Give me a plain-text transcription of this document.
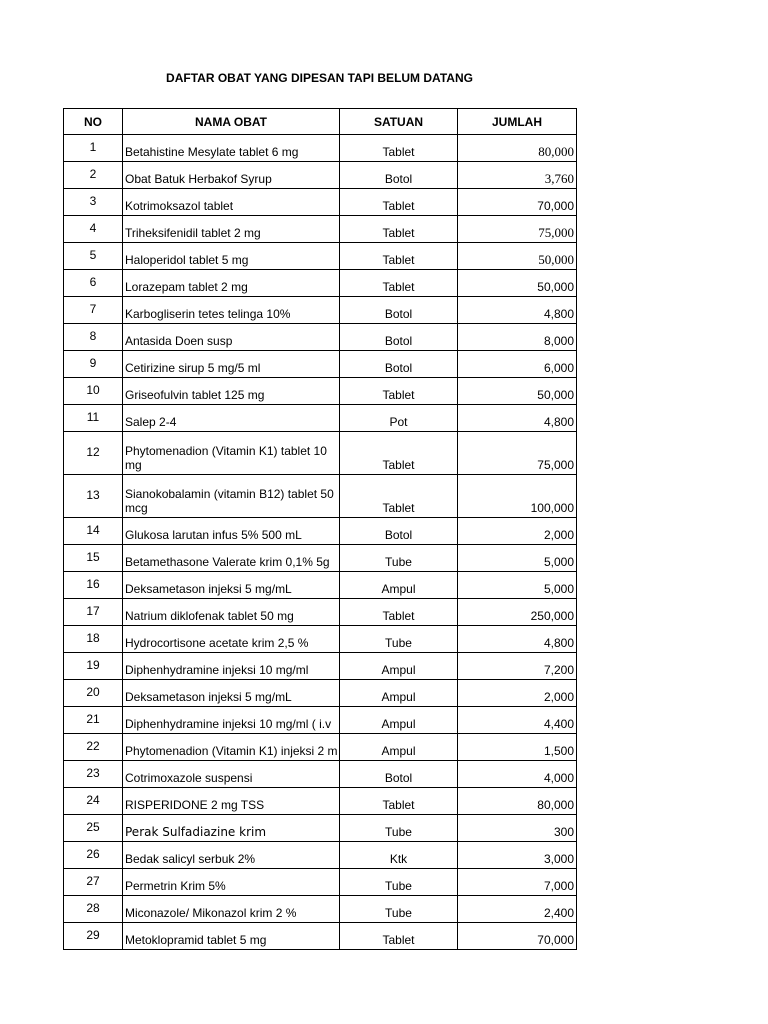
DAFTAR OBAT YANG DIPESAN TAPI BELUM DATANG
NO	NAMA OBAT	SATUAN	JUMLAH
1	Betahistine Mesylate tablet 6 mg	Tablet	80,000
2	Obat Batuk Herbakof Syrup	Botol	3,760
3	Kotrimoksazol tablet	Tablet	70,000
4	Triheksifenidil tablet 2 mg	Tablet	75,000
5	Haloperidol tablet 5 mg	Tablet	50,000
6	Lorazepam tablet 2 mg	Tablet	50,000
7	Karbogliserin tetes telinga 10%	Botol	4,800
8	Antasida Doen susp	Botol	8,000
9	Cetirizine sirup 5 mg/5 ml	Botol	6,000
10	Griseofulvin tablet 125 mg	Tablet	50,000
11	Salep 2-4	Pot	4,800
12	Phytomenadion (Vitamin K1) tablet 10 mg	Tablet	75,000
13	Sianokobalamin (vitamin B12) tablet 50 mcg	Tablet	100,000
14	Glukosa larutan infus 5% 500 mL	Botol	2,000
15	Betamethasone Valerate krim 0,1% 5g	Tube	5,000
16	Deksametason injeksi 5 mg/mL	Ampul	5,000
17	Natrium diklofenak tablet 50 mg	Tablet	250,000
18	Hydrocortisone acetate krim 2,5 %	Tube	4,800
19	Diphenhydramine injeksi 10 mg/ml	Ampul	7,200
20	Deksametason injeksi 5 mg/mL	Ampul	2,000
21	Diphenhydramine injeksi 10 mg/ml ( i.v	Ampul	4,400
22	Phytomenadion (Vitamin K1) injeksi 2 m	Ampul	1,500
23	Cotrimoxazole suspensi	Botol	4,000
24	RISPERIDONE 2 mg TSS	Tablet	80,000
25	Perak Sulfadiazine krim	Tube	300
26	Bedak salicyl serbuk 2%	Ktk	3,000
27	Permetrin Krim 5%	Tube	7,000
28	Miconazole/ Mikonazol krim 2 %	Tube	2,400
29	Metoklopramid tablet 5 mg	Tablet	70,000
